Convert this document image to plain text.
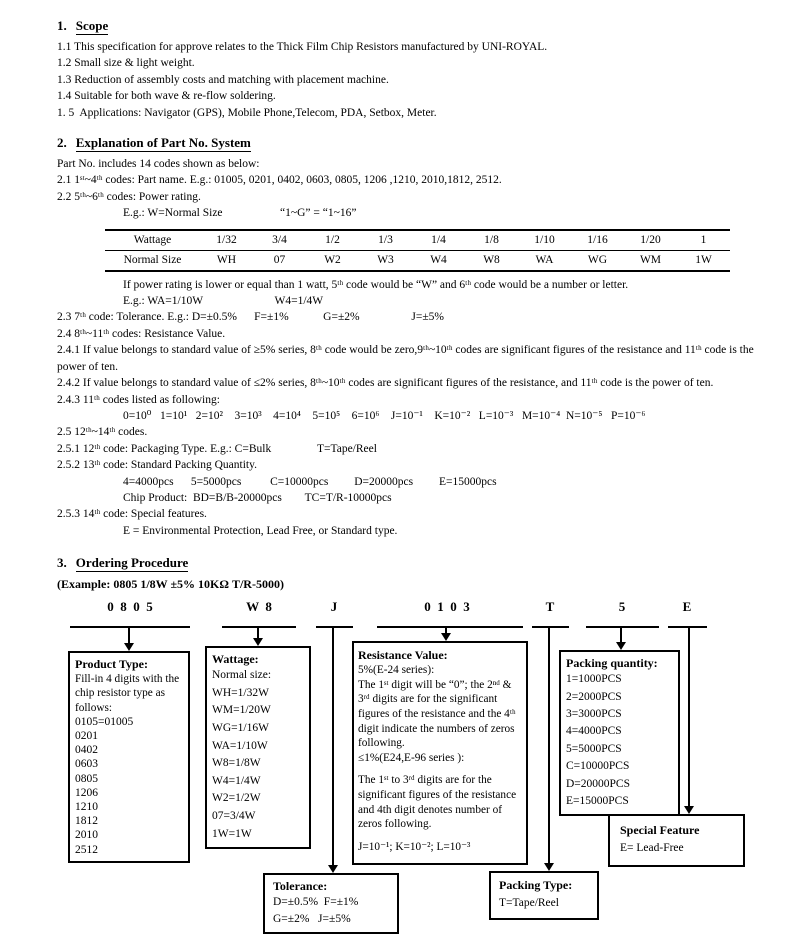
1. Scope
1.1 This specification for approve relates to the Thick Film Chip Resistors manufactured by UNI-ROYAL.
1.2 Small size & light weight.
1.3 Reduction of assembly costs and matching with placement machine.
1.4 Suitable for both wave & re-flow soldering.
1. 5  Applications: Navigator (GPS), Mobile Phone,Telecom, PDA, Setbox, Meter.
2. Explanation of Part No. System
Part No. includes 14 codes shown as below:
2.1 1ˢᵗ~4ᵗʰ codes: Part name. E.g.: 01005, 0201, 0402, 0603, 0805, 1206 ,1210, 2010,1812, 2512.
2.2 5ᵗʰ~6ᵗʰ codes: Power rating.
E.g.: W=Normal Size                    “1~G” = “1~16”
Wattage	1/32	3/4	1/2	1/3	1/4	1/8	1/10	1/16	1/20	1
Normal Size	WH	07	W2	W3	W4	W8	WA	WG	WM	1W
If power rating is lower or equal than 1 watt, 5ᵗʰ code would be “W” and 6ᵗʰ code would be a number or letter.
E.g.: WA=1/10W                         W4=1/4W
2.3 7ᵗʰ code: Tolerance. E.g.: D=±0.5%      F=±1%            G=±2%                  J=±5%
2.4 8ᵗʰ~11ᵗʰ codes: Resistance Value.
2.4.1 If value belongs to standard value of ≥5% series, 8ᵗʰ code would be zero,9ᵗʰ~10ᵗʰ codes are significant figures of the resistance and 11ᵗʰ code is the power of ten.
2.4.2 If value belongs to standard value of ≤2% series, 8ᵗʰ~10ᵗʰ codes are significant figures of the resistance, and 11ᵗʰ code is the power of ten.
2.4.3 11ᵗʰ codes listed as following:
0=10⁰   1=10¹   2=10²    3=10³    4=10⁴    5=10⁵    6=10⁶    J=10⁻¹    K=10⁻²   L=10⁻³   M=10⁻⁴  N=10⁻⁵   P=10⁻⁶
2.5 12ᵗʰ~14ᵗʰ codes.
2.5.1 12ᵗʰ code: Packaging Type. E.g.: C=Bulk                T=Tape/Reel
2.5.2 13ᵗʰ code: Standard Packing Quantity.
4=4000pcs      5=5000pcs          C=10000pcs         D=20000pcs         E=15000pcs
Chip Product:  BD=B/B-20000pcs        TC=T/R-10000pcs
2.5.3 14ᵗʰ code: Special features.
E = Environmental Protection, Lead Free, or Standard type.
3. Ordering Procedure
(Example: 0805 1/8W ±5% 10KΩ T/R-5000)
0  8  0  5	W  8	J	0  1  0  3	T	5	E
Product Type:
Fill-in 4 digits with the chip resistor type as follows:
0105=01005
0201
0402
0603
0805
1206
1210
1812
2010
2512
Wattage:
Normal size:
WH=1/32W
WM=1/20W
WG=1/16W
WA=1/10W
W8=1/8W
W4=1/4W
W2=1/2W
07=3/4W
1W=1W
Resistance Value:

5%(E-24 series):

The 1ˢᵗ digit will be “0”; the 2ⁿᵈ & 3ʳᵈ digits are for the significant figures of the resistance and the 4ᵗʰ digit indicate the numbers of zeros following.

≤1%(E24,E-96 series ):

The 1ˢᵗ to 3ʳᵈ digits are for the significant figures of the resistance and 4th digit denotes number of zeros following.

J=10⁻¹; K=10⁻²; L=10⁻³

Packing quantity:
1=1000PCS
2=2000PCS
3=3000PCS
4=4000PCS
5=5000PCS
C=10000PCS
D=20000PCS
E=15000PCS
Special Feature
E= Lead-Free
Tolerance:
D=±0.5%  F=±1%
G=±2%   J=±5%
Packing Type:
T=Tape/Reel
